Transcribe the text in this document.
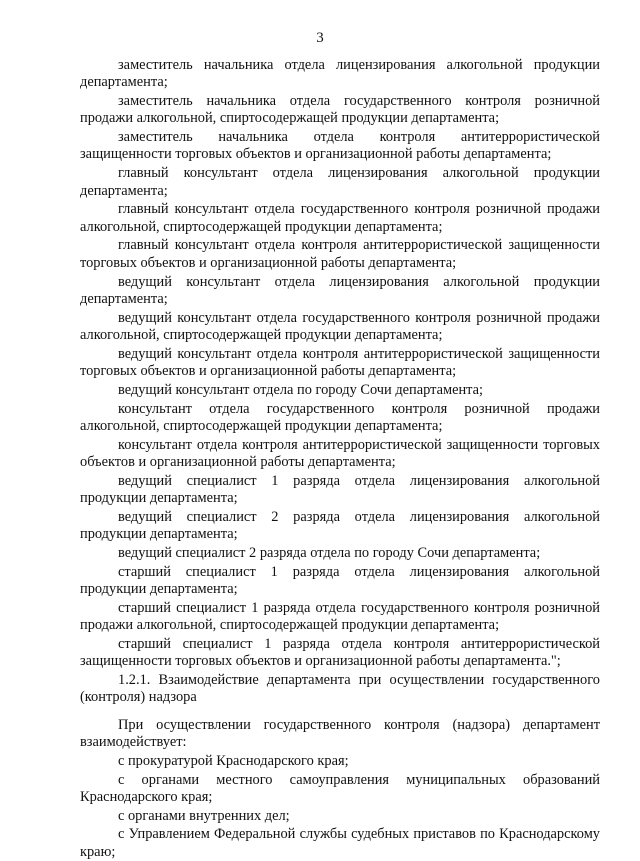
3

заместитель начальника отдела лицензирования алкогольной продукции департамента;

заместитель начальника отдела государственного контроля розничной продажи алкогольной, спиртосодержащей продукции департамента;

заместитель начальника отдела контроля антитеррористической защищенности торговых объектов и организационной работы департамента;

главный консультант отдела лицензирования алкогольной продукции департамента;

главный консультант отдела государственного контроля розничной продажи алкогольной, спиртосодержащей продукции департамента;

главный консультант отдела контроля антитеррористической защищенности торговых объектов и организационной работы департамента;

ведущий консультант отдела лицензирования алкогольной продукции департамента;

ведущий консультант отдела государственного контроля розничной продажи алкогольной, спиртосодержащей продукции департамента;

ведущий консультант отдела контроля антитеррористической защищенности торговых объектов и организационной работы департамента;

ведущий консультант отдела по городу Сочи департамента;

консультант отдела государственного контроля розничной продажи алкогольной, спиртосодержащей продукции департамента;

консультант отдела контроля антитеррористической защищенности торговых объектов и организационной работы департамента;

ведущий специалист 1 разряда отдела лицензирования алкогольной продукции департамента;

ведущий специалист 2 разряда отдела лицензирования алкогольной продукции департамента;

ведущий специалист 2 разряда отдела по городу Сочи департамента;

старший специалист 1 разряда отдела лицензирования алкогольной продукции департамента;

старший специалист 1 разряда отдела государственного контроля розничной продажи алкогольной, спиртосодержащей продукции департамента;

старший специалист 1 разряда отдела контроля антитеррористической защищенности торговых объектов и организационной работы департамента.";

1.2.1. Взаимодействие департамента при осуществлении государственного (контроля) надзора

При осуществлении государственного контроля (надзора) департамент взаимодействует:

с прокуратурой Краснодарского края;

с органами местного самоуправления муниципальных образований Краснодарского края;

с органами внутренних дел;

с Управлением Федеральной службы судебных приставов по Краснодарскому краю;
